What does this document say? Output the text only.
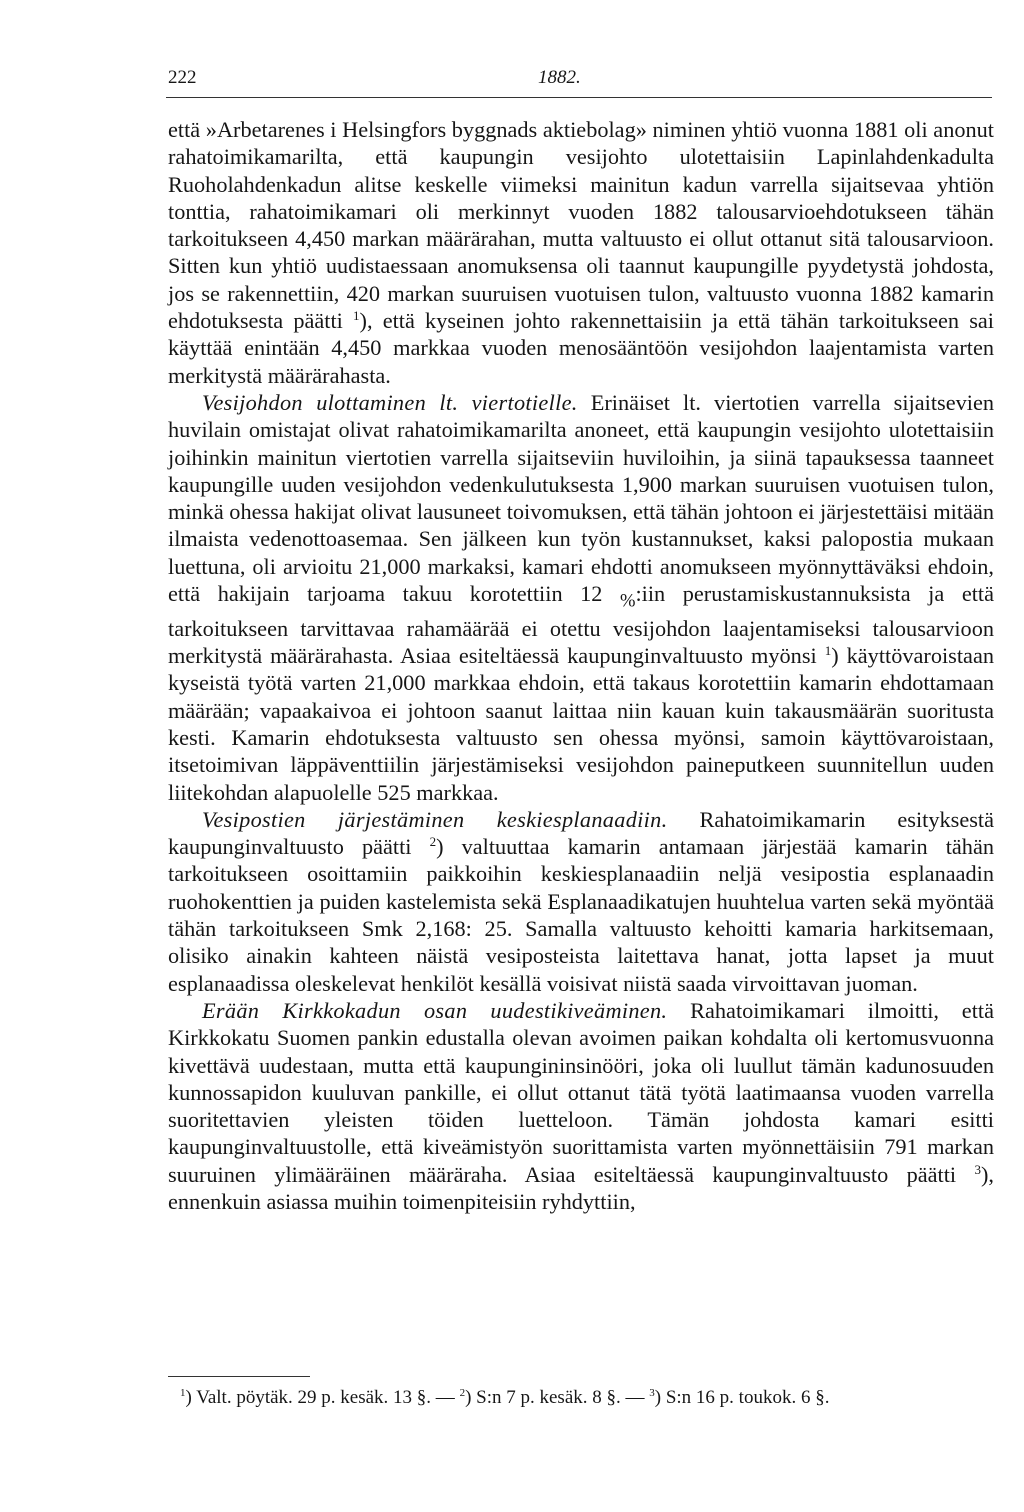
222	1882.

että »Arbetarenes i Helsingfors byggnads aktiebolag» niminen yhtiö vuonna 1881 oli anonut rahatoimikamarilta, että kaupungin vesijohto ulotettaisiin Lapinlahdenkadulta Ruoholahdenkadun alitse keskelle viimeksi mainitun kadun varrella sijaitsevaa yhtiön tonttia, rahatoimikamari oli merkinnyt vuoden 1882 talousarvioehdotukseen tähän tarkoitukseen 4,450 markan määrärahan, mutta valtuusto ei ollut ottanut sitä talousarvioon. Sitten kun yhtiö uudistaessaan anomuksensa oli taannut kaupungille pyydetystä johdosta, jos se rakennettiin, 420 markan suuruisen vuotuisen tulon, valtuusto vuonna 1882 kamarin ehdotuksesta päätti $^1$), että kyseinen johto rakennettaisiin ja että tähän tarkoitukseen sai käyttää enintään 4,450 markkaa vuoden menosääntöön vesijohdon laajentamista varten merkitystä määrärahasta.

Vesijohdon ulottaminen lt. viertotielle. Erinäiset lt. viertotien varrella sijaitsevien huvilain omistajat olivat rahatoimikamarilta anoneet, että kaupungin vesijohto ulotettaisiin joihinkin mainitun viertotien varrella sijaitseviin huviloihin, ja siinä tapauksessa taanneet kaupungille uuden vesijohdon vedenkulutuksesta 1,900 markan suuruisen vuotuisen tulon, minkä ohessa hakijat olivat lausuneet toivomuksen, että tähän johtoon ei järjestettäisi mitään ilmaista vedenottoasemaa. Sen jälkeen kun työn kustannukset, kaksi palopostia mukaan luettuna, oli arvioitu 21,000 markaksi, kamari ehdotti anomukseen myönnyttäväksi ehdoin, että hakijain tarjoama takuu korotettiin 12 $_{\%}$:iin perustamiskustannuksista ja että tarkoitukseen tarvittavaa rahamäärää ei otettu vesijohdon laajentamiseksi talousarvioon merkitystä määrärahasta. Asiaa esiteltäessä kaupunginvaltuusto myönsi $^1$) käyttövaroistaan kyseistä työtä varten 21,000 markkaa ehdoin, että takaus korotettiin kamarin ehdottamaan määrään; vapaakaivoa ei johtoon saanut laittaa niin kauan kuin takausmäärän suoritusta kesti. Kamarin ehdotuksesta valtuusto sen ohessa myönsi, samoin käyttövaroistaan, itsetoimivan läppäventtiilin järjestämiseksi vesijohdon paineputkeen suunnitellun uuden liitekohdan alapuolelle 525 markkaa.

Vesipostien järjestäminen keskiesplanaadiin. Rahatoimikamarin esityksestä kaupunginvaltuusto päätti $^2$) valtuuttaa kamarin antamaan järjestää kamarin tähän tarkoitukseen osoittamiin paikkoihin keskiesplanaadiin neljä vesipostia esplanaadin ruohokenttien ja puiden kastelemista sekä Esplanaadikatujen huuhtelua varten sekä myöntää tähän tarkoitukseen Smk 2,168: 25. Samalla valtuusto kehoitti kamaria harkitsemaan, olisiko ainakin kahteen näistä vesiposteista laitettava hanat, jotta lapset ja muut esplanaadissa oleskelevat henkilöt kesällä voisivat niistä saada virvoittavan juoman.

Erään Kirkkokadun osan uudestikiveäminen. Rahatoimikamari ilmoitti, että Kirkkokatu Suomen pankin edustalla olevan avoimen paikan kohdalta oli kertomusvuonna kivettävä uudestaan, mutta että kaupungininsinööri, joka oli luullut tämän kadunosuuden kunnossapidon kuuluvan pankille, ei ollut ottanut tätä työtä laatimaansa vuoden varrella suoritettavien yleisten töiden luetteloon. Tämän johdosta kamari esitti kaupunginvaltuustolle, että kiveämistyön suorittamista varten myönnettäisiin 791 markan suuruinen ylimääräinen määräraha. Asiaa esiteltäessä kaupunginvaltuusto päätti $^3$), ennenkuin asiassa muihin toimenpiteisiin ryhdyttiin,

$^1$) Valt. pöytäk. 29 p. kesäk. 13 §. — $^2$) S:n 7 p. kesäk. 8 §. — $^3$) S:n 16 p. toukok. 6 §.
